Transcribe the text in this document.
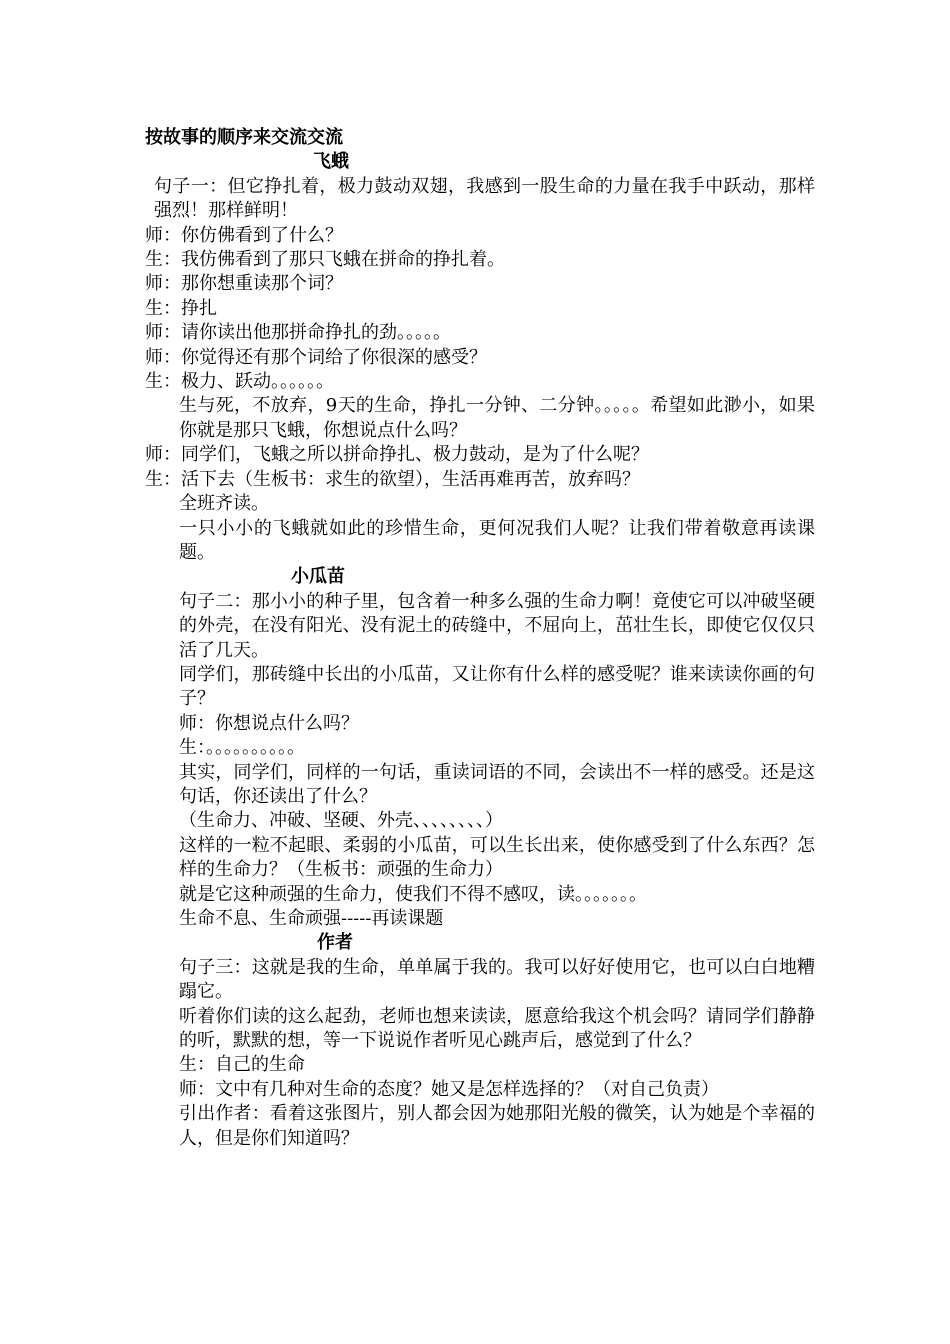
按故事的顺序来交流交流

飞蛾

句子一：但它挣扎着，极力鼓动双翅，我感到一股生命的力量在我手中跃动，那样强烈！那样鲜明！

师：你仿佛看到了什么？

生：我仿佛看到了那只飞蛾在拼命的挣扎着。

师：那你想重读那个词？

生：挣扎

师：请你读出他那拼命挣扎的劲。。。。。

师：你觉得还有那个词给了你很深的感受？

生：极力、跃动。。。。。。

生与死，不放弃，9天的生命，挣扎一分钟、二分钟。。。。。希望如此渺小，如果你就是那只飞蛾，你想说点什么吗？

师：同学们，飞蛾之所以拼命挣扎、极力鼓动，是为了什么呢？

生：活下去（生板书：求生的欲望），生活再难再苦，放弃吗？

全班齐读。

一只小小的飞蛾就如此的珍惜生命，更何况我们人呢？让我们带着敬意再读课题。

小瓜苗

句子二：那小小的种子里，包含着一种多么强的生命力啊！竟使它可以冲破坚硬的外壳，在没有阳光、没有泥土的砖缝中，不屈向上，茁壮生长，即使它仅仅只活了几天。

同学们，那砖缝中长出的小瓜苗，又让你有什么样的感受呢？谁来读读你画的句子？

师：你想说点什么吗？

生：。。。。。。。。。。

其实，同学们，同样的一句话，重读词语的不同，会读出不一样的感受。还是这句话，你还读出了什么？

（生命力、冲破、坚硬、外壳、、、、、、、、）

这样的一粒不起眼、柔弱的小瓜苗，可以生长出来，使你感受到了什么东西？怎样的生命力？（生板书：顽强的生命力）

就是它这种顽强的生命力，使我们不得不感叹，读。。。。。。。

生命不息、生命顽强-----再读课题

作者

句子三：这就是我的生命，单单属于我的。我可以好好使用它，也可以白白地糟蹋它。

听着你们读的这么起劲，老师也想来读读，愿意给我这个机会吗？请同学们静静的听，默默的想，等一下说说作者听见心跳声后，感觉到了什么？

生：自己的生命

师：文中有几种对生命的态度？她又是怎样选择的？（对自己负责）

引出作者：看着这张图片，别人都会因为她那阳光般的微笑，认为她是个幸福的人，但是你们知道吗？
